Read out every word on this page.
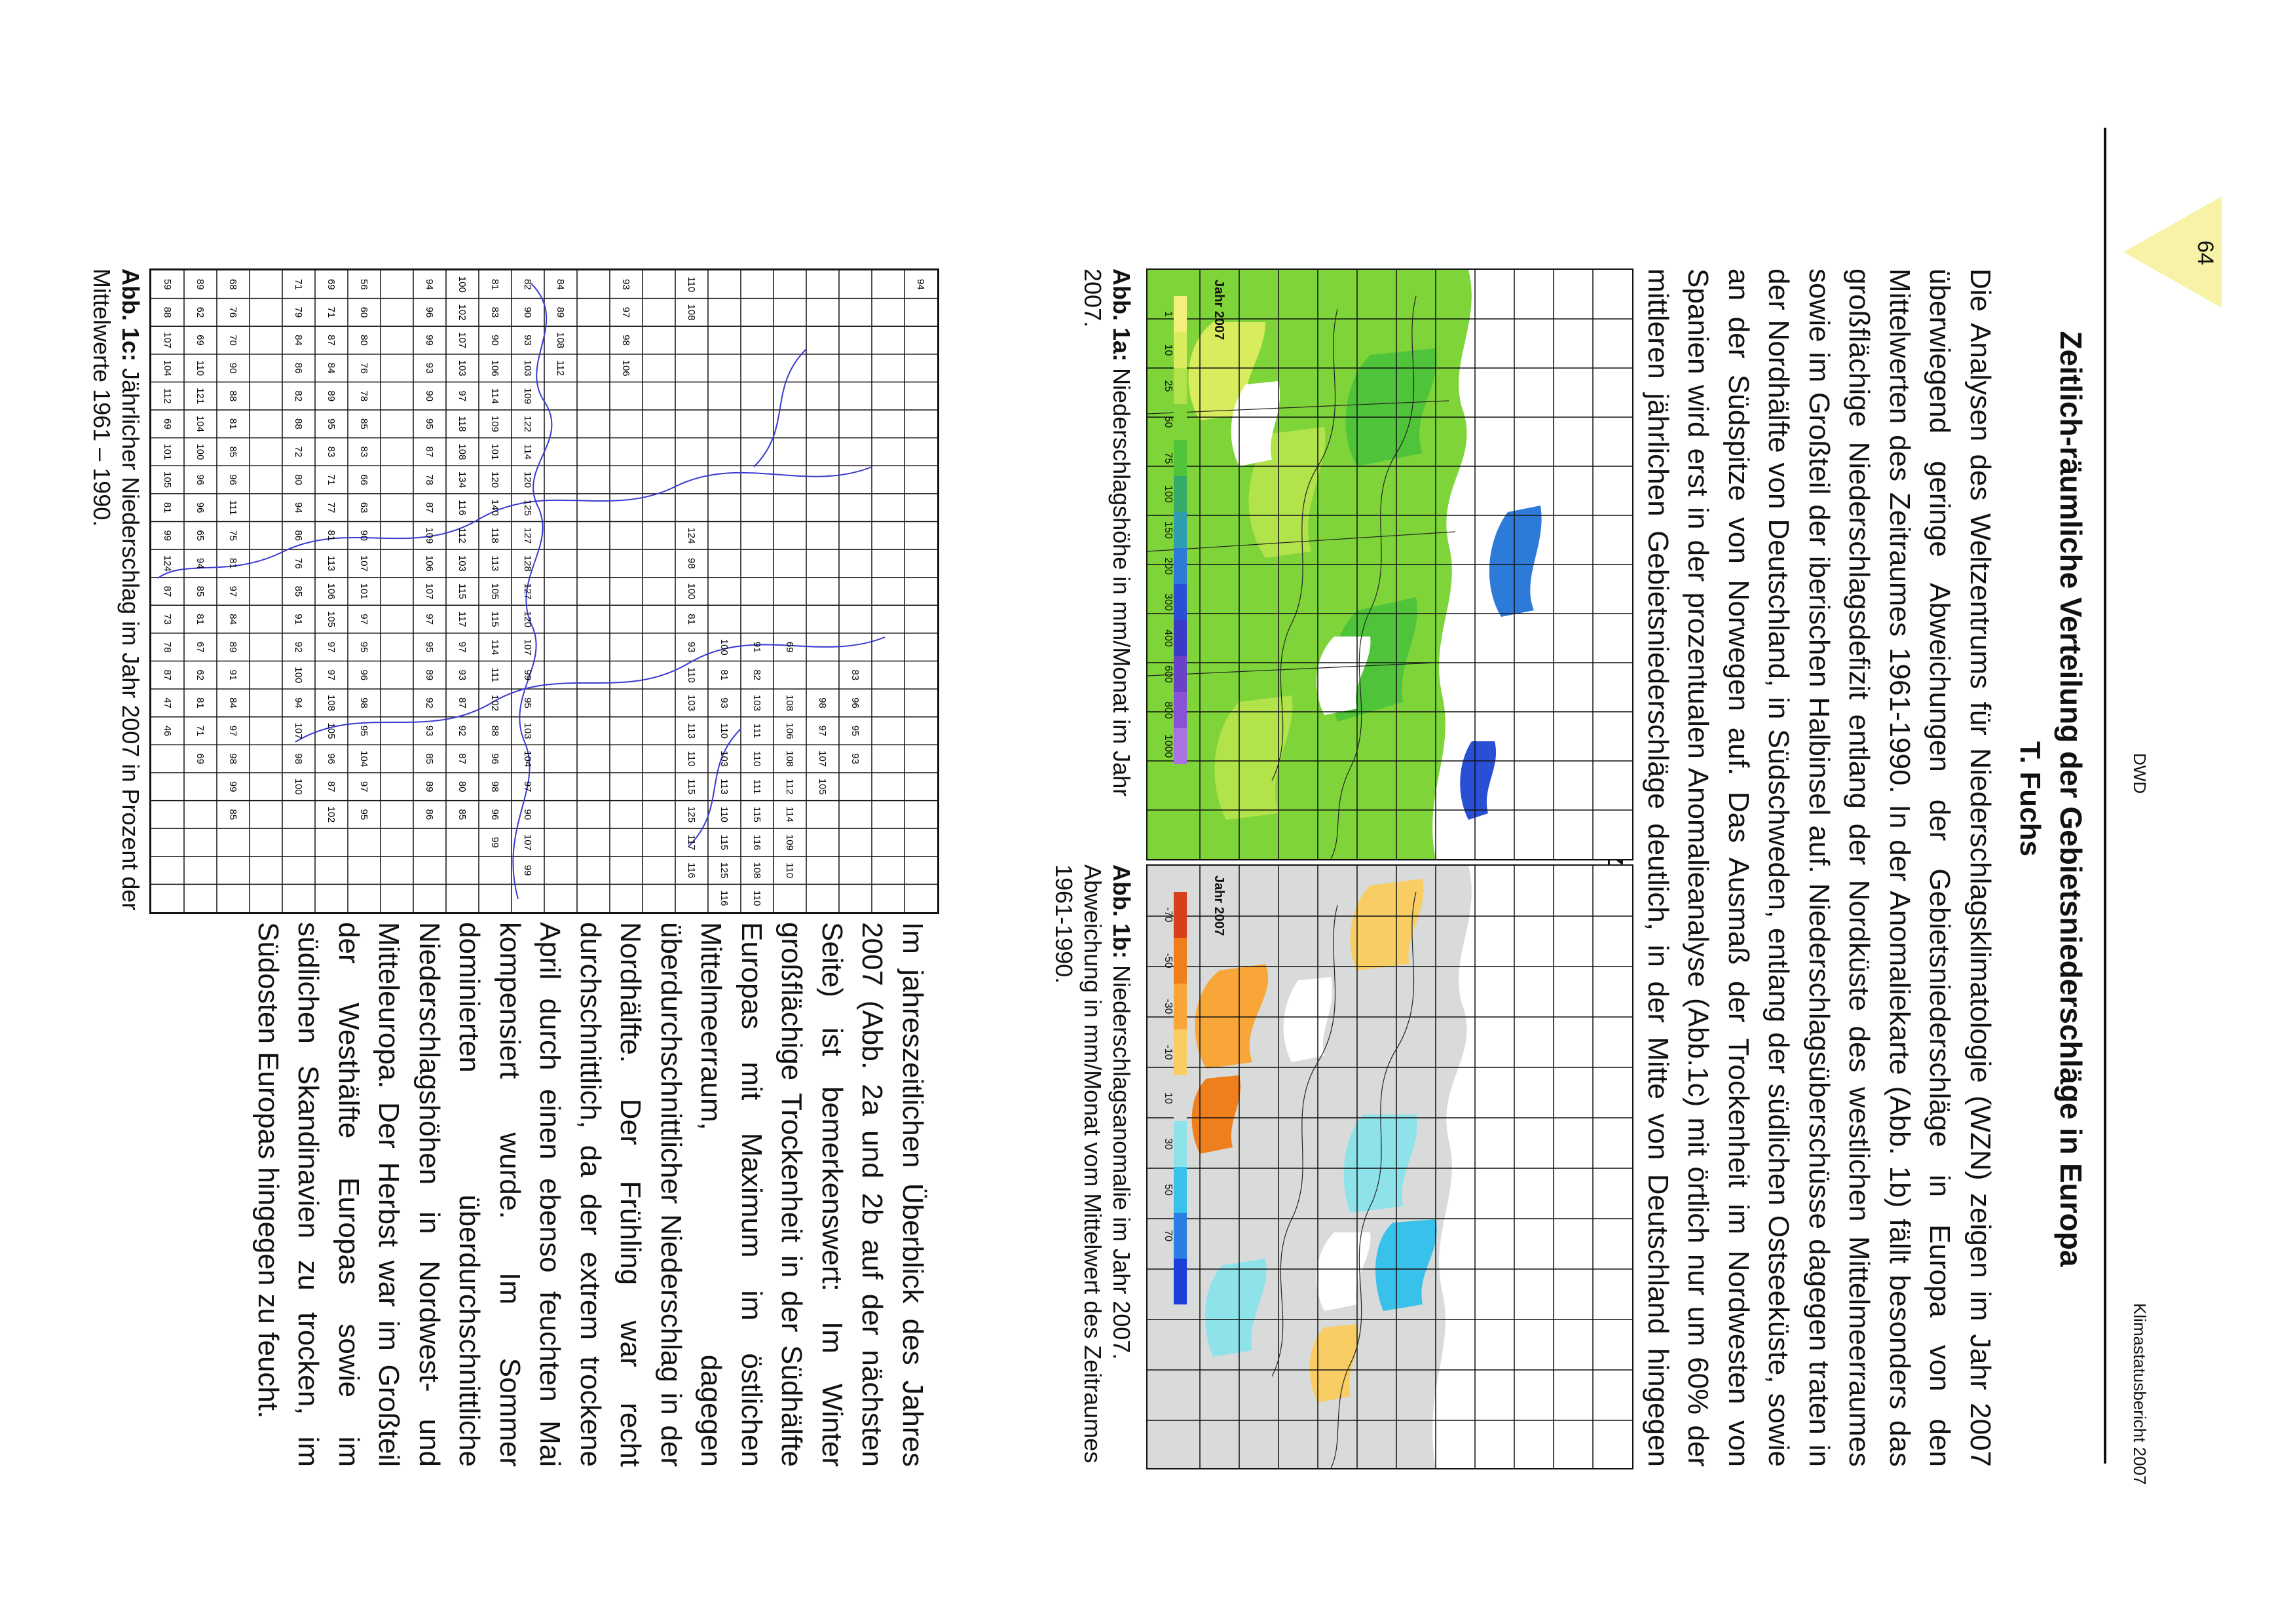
64
DWD
Klimastatusbericht 2007
Zeitlich-räumliche Verteilung der Gebietsniederschläge in Europa
T. Fuchs
Die Analysen des Weltzentrums für Niederschlagsklimatologie (WZN) zeigen im Jahr 2007 überwiegend geringe Abweichungen der Gebietsniederschläge in Europa von den Mittelwerten des Zeitraumes 1961-1990. In der Anomaliekarte (Abb. 1b) fällt besonders das großflächige Niederschlagsdefizit entlang der Nordküste des westlichen Mittelmeerraumes sowie im Großteil der iberischen Halbinsel auf. Niederschlagsüberschüsse dagegen traten in der Nordhälfte von Deutschland, in Südschweden, entlang der südlichen Ostseeküste, sowie an der Südspitze von Norwegen auf. Das Ausmaß der Trockenheit im Nordwesten von Spanien wird erst in der prozentualen Anomalieanalyse (Abb.1c) mit örtlich nur um 60% der mittleren jährlichen Gebietsniederschläge deutlich, in der Mitte von Deutschland hingegen
Jahr 2007
1
10
25
50
75
100
150
200
300
400
600
800
1000
Jahr 2007
-70
-50
-30
-10
10
30
50
70
Abb. 1a: Niederschlagshöhe in mm/Monat im Jahr 2007.
Abb. 1b: Niederschlagsanomalie im Jahr 2007. Abweichung in mm/Monat vom Mittelwert des Zeitraumes 1961-1990.
94
83
96
95
93
98
97
107
105
69
108
106
108
112
114
109
110
91
82
103
111
110
111
115
116
108
110
100
81
93
110
103
113
110
115
125
116
110
108
124
98
100
81
93
110
103
113
110
115
125
117
116
93
97
98
106
84
89
108
112
82
90
93
103
109
122
114
120
125
127
128
127
120
107
99
95
103
104
97
90
107
99
81
83
90
106
114
109
101
120
140
118
113
105
115
114
111
102
88
96
98
96
99
100
102
107
103
97
118
108
134
116
112
103
115
117
97
93
87
92
87
80
85
94
96
99
93
90
95
87
78
87
109
106
107
97
95
89
92
93
85
89
86
56
60
80
76
78
85
83
66
63
90
107
101
97
95
96
98
95
104
97
95
69
71
87
84
89
95
83
71
77
81
113
106
105
97
97
108
105
96
87
102
71
79
84
86
82
88
72
80
94
86
76
85
91
92
100
94
107
98
100
68
76
70
90
88
81
85
96
111
75
81
97
84
89
91
84
97
98
99
85
89
62
69
110
121
104
100
96
96
65
94
85
81
67
62
81
71
69
59
88
107
104
112
69
101
105
81
99
124
87
73
78
87
47
46
Abb. 1c: Jährlicher Niederschlag im Jahr 2007 in Prozent der Mittelwerte 1961 – 1990.
Im jahreszeitlichen Überblick des Jahres 2007 (Abb. 2a und 2b auf der nächsten Seite) ist bemerkenswert: Im Winter großflächige Trockenheit in der Südhälfte Europas mit Maximum im östlichen Mittelmeerraum, dagegen überdurchschnittlicher Niederschlag in der Nordhälfte. Der Frühling war recht durchschnittlich, da der extrem trockene April durch einen ebenso feuchten Mai kompensiert wurde. Im Sommer dominierten überdurchschnittliche Niederschlagshöhen in Nordwest- und Mitteleuropa. Der Herbst war im Großteil der Westhälfte Europas sowie im südlichen Skandinavien zu trocken, im Südosten Europas hingegen zu feucht.
